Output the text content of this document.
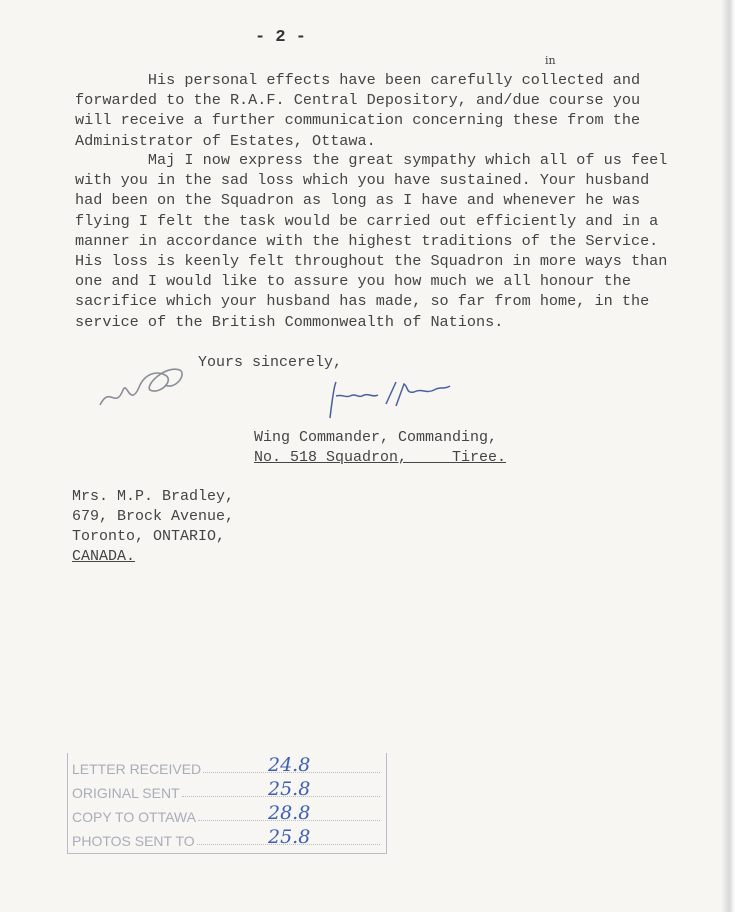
- 2 -
His personal effects have been carefully collected and
forwarded to the R.A.F. Central Depository, and/due course you
will receive a further communication concerning these from the
Administrator of Estates, Ottawa.
in
Maj I now express the great sympathy which all of us feel
with you in the sad loss which you have sustained. Your husband
had been on the Squadron as long as I have and whenever he was
flying I felt the task would be carried out efficiently and in a
manner in accordance with the highest traditions of the Service.
His loss is keenly felt throughout the Squadron in more ways than
one and I would like to assure you how much we all honour the
sacrifice which your husband has made, so far from home, in the
service of the British Commonwealth of Nations.
Yours sincerely,
Wing Commander, Commanding,
No. 518 Squadron,     Tiree.
Mrs. M.P. Bradley,
679, Brock Avenue,
Toronto, ONTARIO,
CANADA.
LETTER RECEIVED	24.8
ORIGINAL SENT	25.8
COPY TO OTTAWA	28.8
PHOTOS SENT TO	25.8
